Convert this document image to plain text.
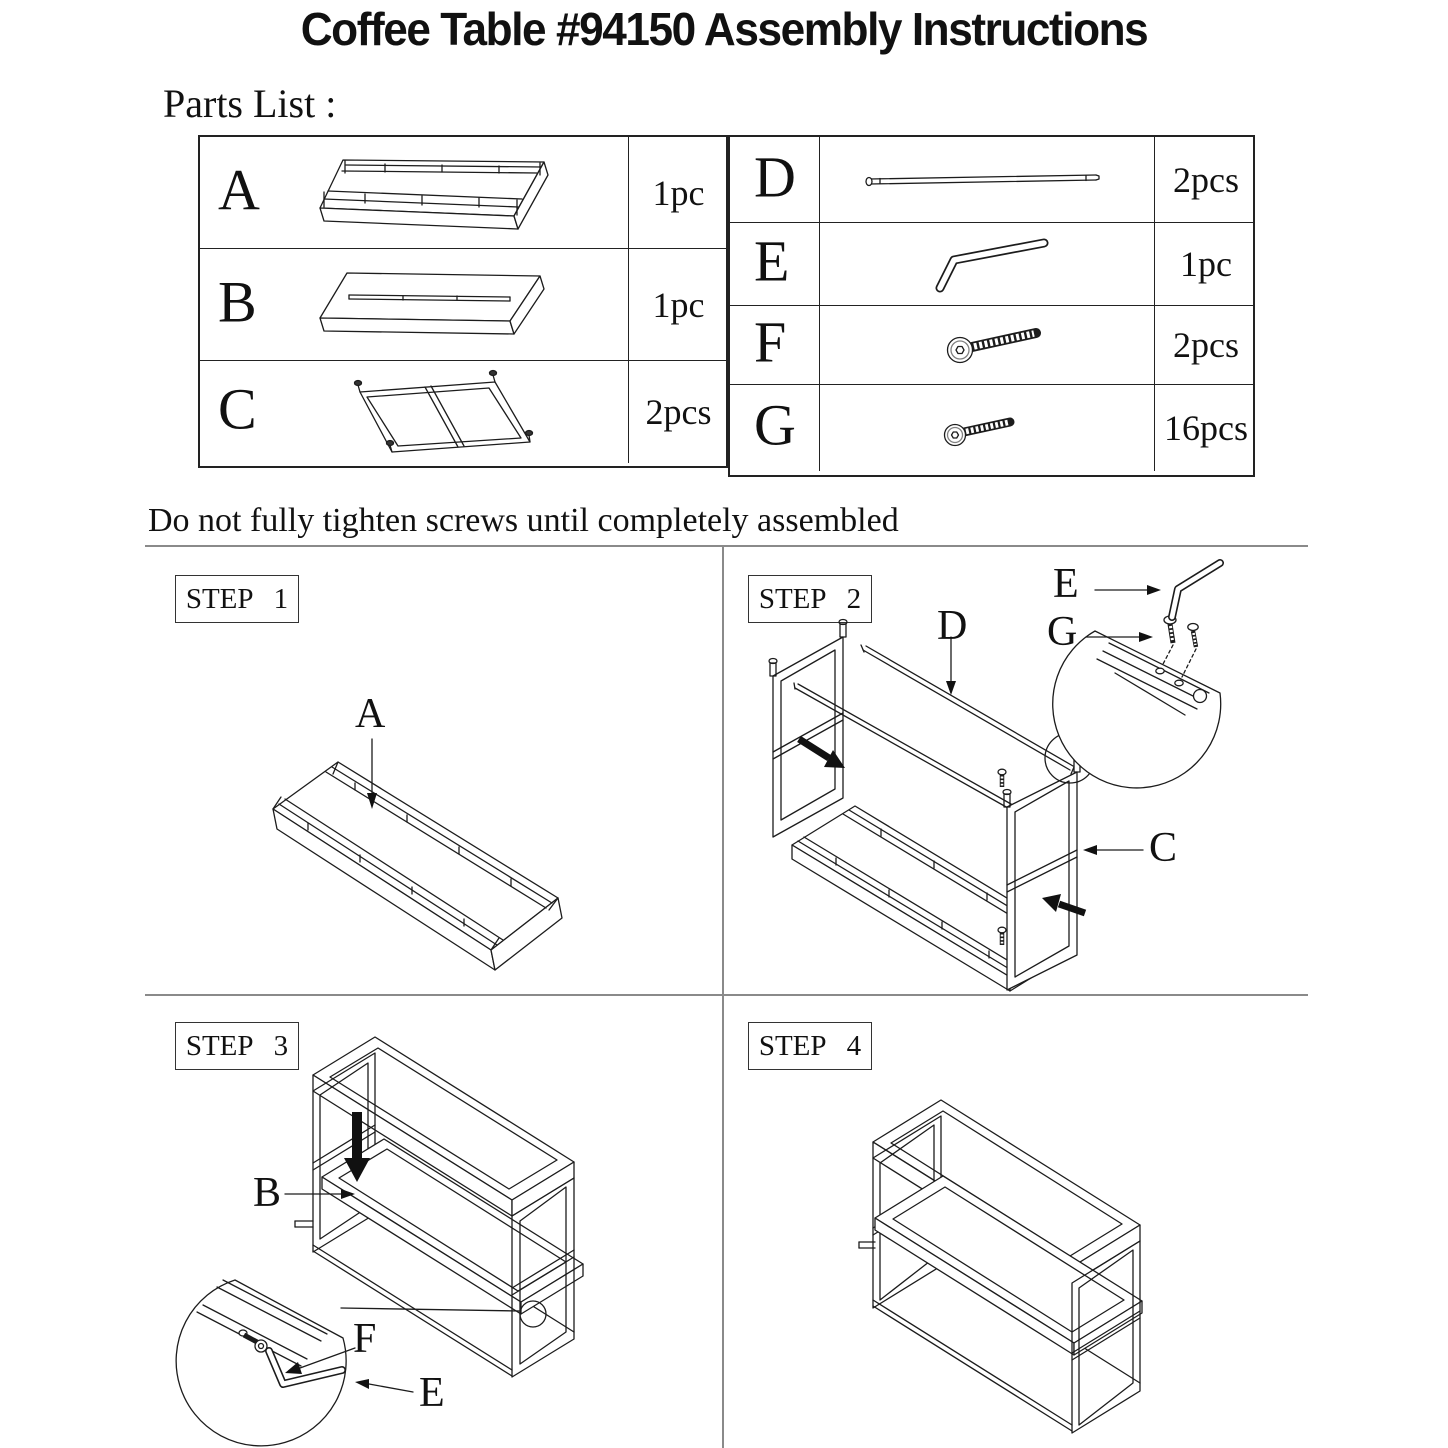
Coffee Table #94150 Assembly Instructions
Parts List :
A	1pc
B	1pc
C	2pcs
D	2pcs
E	1pc
F	2pcs
G	16pcs
Do not fully tighten screws until completely assembled
STEP 1
A
STEP 2
D
E
G
C
STEP 3
B
F
E
STEP 4
